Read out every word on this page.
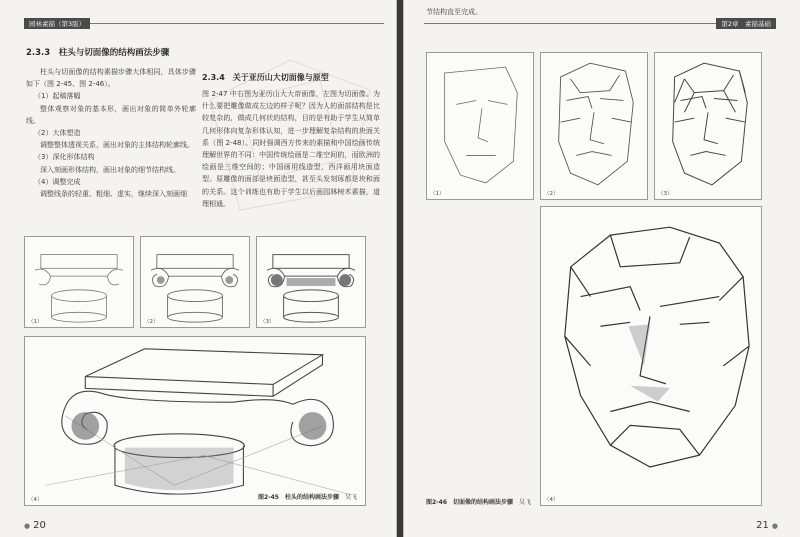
园林素描（第3版）
2.3.3　柱头与切面像的结构画法步骤

柱头与切面像的结构素描步骤大体相同，具体步骤如下（图 2-45、图 2-46）。

（1）起稿落幅

整体观察对象的基本形，画出对象的简单外轮廓线。

（2）大体塑造

调整整体透视关系，画出对象的主体结构轮廓线。

（3）深化形体结构

深入刻画形体结构，画出对象的细节结构线。

（4）调整完成

调整线条的轻重、粗细、虚实，继续深入刻画细

（1）	（2）	（3）
（4）	图2-45　柱头的结构画法步骤 吴飞
● 20
第2章　素描基础
（1）	（2）	（3）
节结构直至完成。
（4）
图2-46　切面像的结构画法步骤 吴飞
21 ●
2.3.4　关于亚历山大切面像与原型
图 2-47 中右图为亚历山大大帝面像，左图为切面像。为什么要把雕像做成左边的样子呢？因为人的面部结构是比较复杂的，做成几何状的结构，目的是有助于学生从简单几何形体向复杂形体认知，进一步理解复杂结构的块面关系（图 2-48）。同时强调西方传来的素描和中国绘画传统理解世界的不同：中国传统绘画是二维空间的，而欧洲的绘画是三维空间的；中国画用线造型，西洋画用块面造型。原雕像的面部是块面造型，甚至头发刻琢都是块和面的关系。这个训练也有助于学生以后画园林树木素描，道理相通。
